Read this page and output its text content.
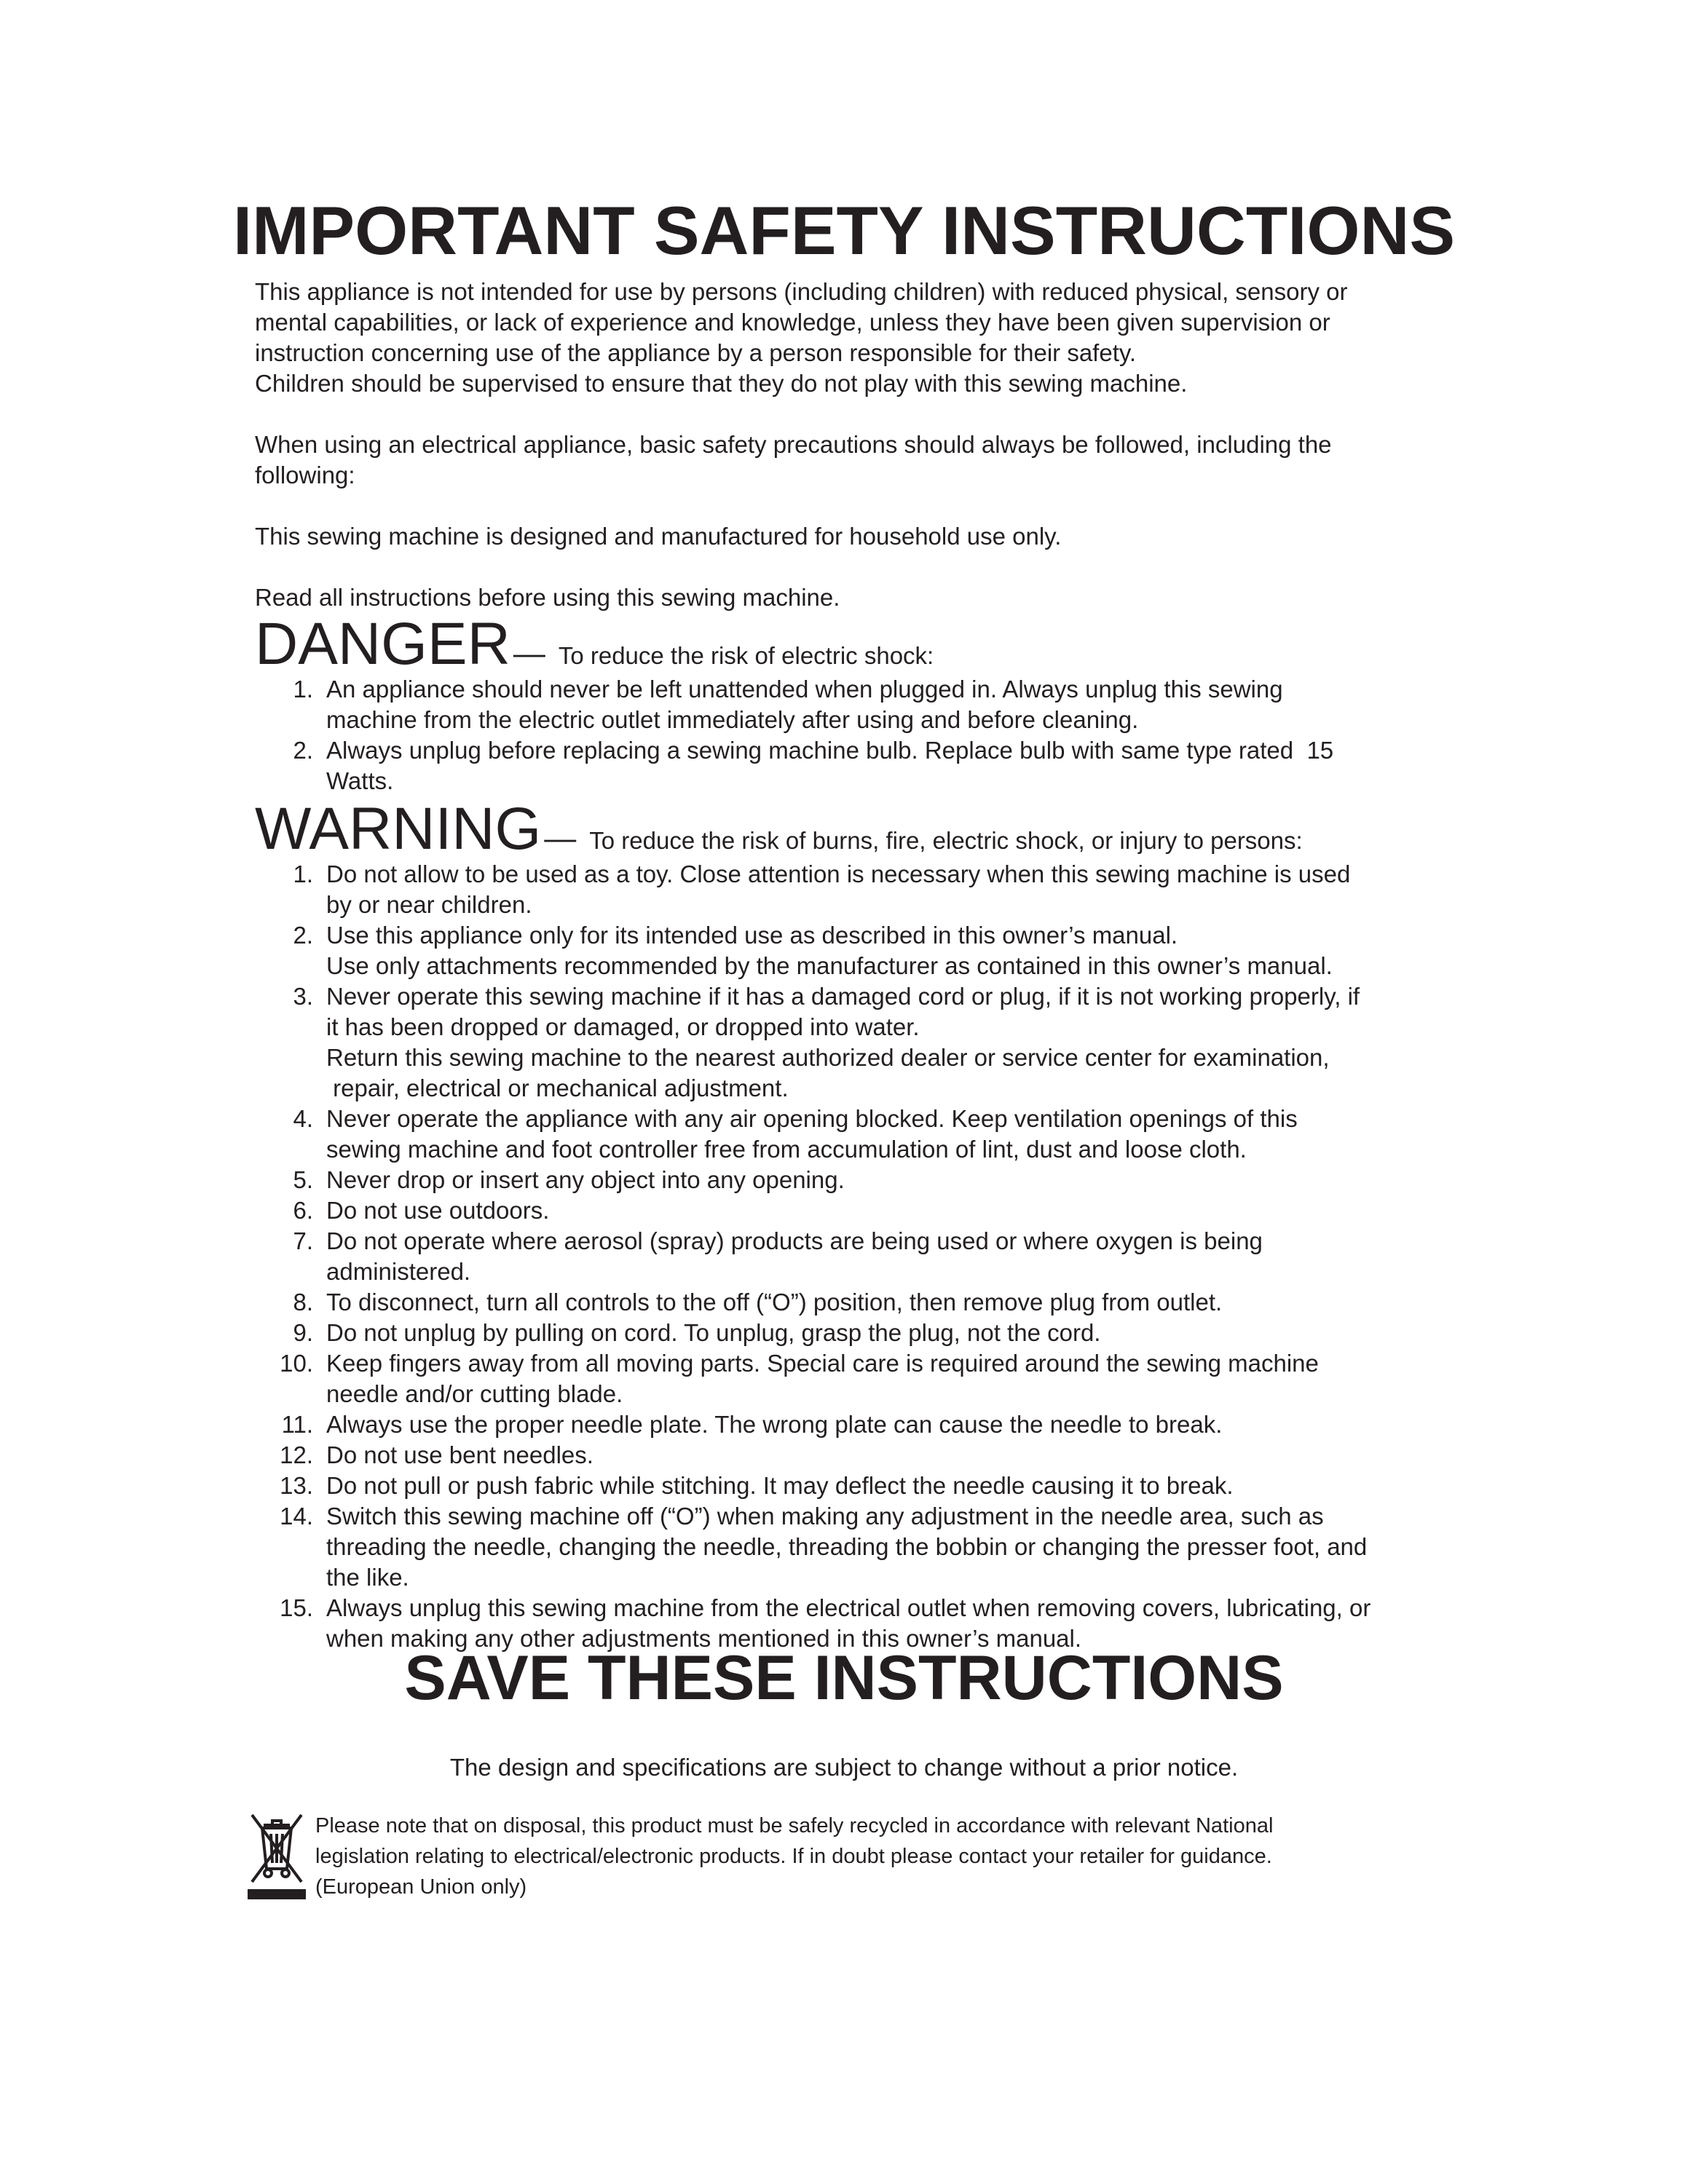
IMPORTANT SAFETY INSTRUCTIONS

This appliance is not intended for use by persons (including children) with reduced physical, sensory or

mental capabilities, or lack of experience and knowledge, unless they have been given supervision or

instruction concerning use of the appliance by a person responsible for their safety.

Children should be supervised to ensure that they do not play with this sewing machine.

When using an electrical appliance, basic safety precautions should always be followed, including the

following:

This sewing machine is designed and manufactured for household use only.

Read all instructions before using this sewing machine.

DANGER — To reduce the risk of electric shock:
1. An appliance should never be left unattended when plugged in. Always unplug this sewing
machine from the electric outlet immediately after using and before cleaning.
2. Always unplug before replacing a sewing machine bulb. Replace bulb with same type rated  15
Watts.
WARNING — To reduce the risk of burns, fire, electric shock, or injury to persons:
1. Do not allow to be used as a toy. Close attention is necessary when this sewing machine is used
by or near children.
2. Use this appliance only for its intended use as described in this owner’s manual.
Use only attachments recommended by the manufacturer as contained in this owner’s manual.
3. Never operate this sewing machine if it has a damaged cord or plug, if it is not working properly, if
it has been dropped or damaged, or dropped into water.
Return this sewing machine to the nearest authorized dealer or service center for examination,
repair, electrical or mechanical adjustment.
4. Never operate the appliance with any air opening blocked. Keep ventilation openings of this
sewing machine and foot controller free from accumulation of lint, dust and loose cloth.
5. Never drop or insert any object into any opening.
6. Do not use outdoors.
7. Do not operate where aerosol (spray) products are being used or where oxygen is being
administered.
8. To disconnect, turn all controls to the off (“O”) position, then remove plug from outlet.
9. Do not unplug by pulling on cord. To unplug, grasp the plug, not the cord.
10. Keep fingers away from all moving parts. Special care is required around the sewing machine
needle and/or cutting blade.
11. Always use the proper needle plate. The wrong plate can cause the needle to break.
12. Do not use bent needles.
13. Do not pull or push fabric while stitching. It may deflect the needle causing it to break.
14. Switch this sewing machine off (“O”) when making any adjustment in the needle area, such as
threading the needle, changing the needle, threading the bobbin or changing the presser foot, and
the like.
15. Always unplug this sewing machine from the electrical outlet when removing covers, lubricating, or
when making any other adjustments mentioned in this owner’s manual.
SAVE THESE INSTRUCTIONS
The design and specifications are subject to change without a prior notice.
Please note that on disposal, this product must be safely recycled in accordance with relevant National
legislation relating to electrical/electronic products. If in doubt please contact your retailer for guidance.
(European Union only)
